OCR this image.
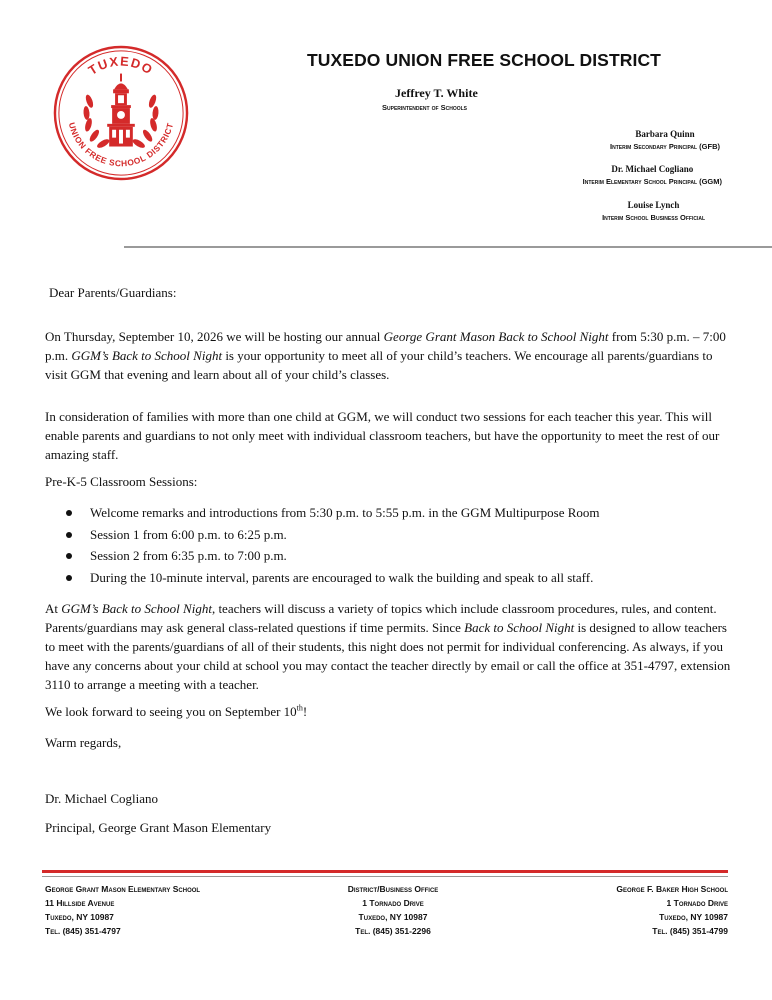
TUXEDO
UNION FREE SCHOOL DISTRICT
TUXEDO UNION FREE SCHOOL DISTRICT
Jeffrey T. White
Superintendent of Schools
Barbara Quinn
Interim Secondary Principal (GFB)
Dr. Michael Cogliano
Interim Elementary School Principal (GGM)
Louise Lynch
Interim School Business Official
Dear Parents/Guardians:

On Thursday, September 10, 2026 we will be hosting our annual George Grant Mason Back to School Night from 5:30 p.m. – 7:00 p.m. GGM’s Back to School Night is your opportunity to meet all of your child’s teachers. We encourage all parents/guardians to visit GGM that evening and learn about all of your child’s classes.

In consideration of families with more than one child at GGM, we will conduct two sessions for each teacher this year. This will enable parents and guardians to not only meet with individual classroom teachers, but have the opportunity to meet the rest of our amazing staff.
Pre-K-5 Classroom Sessions:
Welcome remarks and introductions from 5:30 p.m. to 5:55 p.m. in the GGM Multipurpose Room
Session 1 from 6:00 p.m. to 6:25 p.m.
Session 2 from 6:35 p.m. to 7:00 p.m.
During the 10-minute interval, parents are encouraged to walk the building and speak to all staff.

At GGM’s Back to School Night, teachers will discuss a variety of topics which include classroom procedures, rules, and content. Parents/guardians may ask general class-related questions if time permits. Since Back to School Night is designed to allow teachers to meet with the parents/guardians of all of their students, this night does not permit for individual conferencing. As always, if you have any concerns about your child at school you may contact the teacher directly by email or call the office at 351-4797, extension 3110 to arrange a meeting with a teacher.

We look forward to seeing you on September 10th!

Warm regards,
Dr. Michael Cogliano
Principal, George Grant Mason Elementary
George Grant Mason Elementary School
11 Hillside Avenue
Tuxedo, NY 10987
Tel. (845) 351-4797
District/Business Office
1 Tornado Drive
Tuxedo, NY 10987
Tel. (845) 351-2296
George F. Baker High School
1 Tornado Drive
Tuxedo, NY 10987
Tel. (845) 351-4799
